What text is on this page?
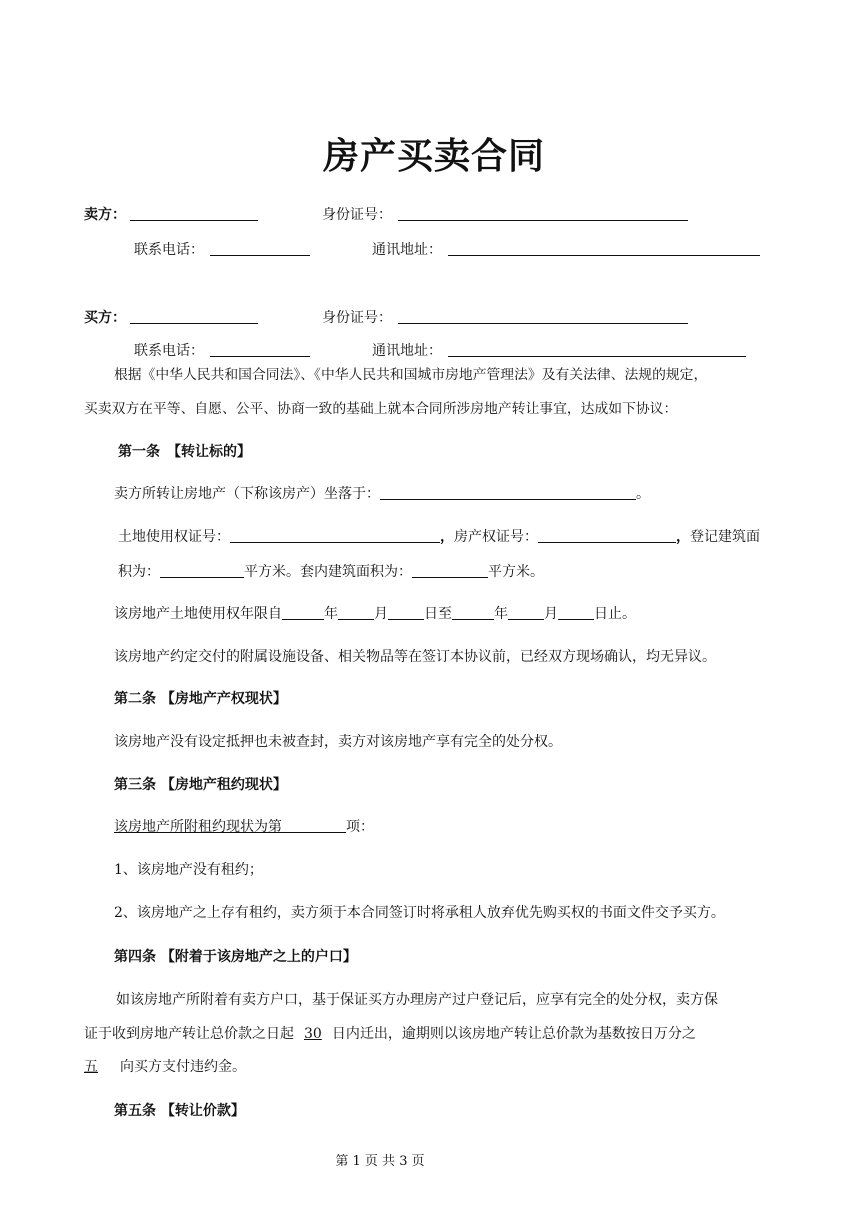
房产买卖合同
卖方：	身份证号：
联系电话：	通讯地址：
买方：	身份证号：
联系电话：	通讯地址：
根据《中华人民共和国合同法》、《中华人民共和国城市房地产管理法》及有关法律、法规的规定，
买卖双方在平等、自愿、公平、协商一致的基础上就本合同所涉房地产转让事宜，达成如下协议：
第一条　【转让标的】
卖方所转让房地产（下称该房产）坐落于：	。
土地使用权证号：	，房产权证号：	，登记建筑面
积为：	平方米。套内建筑面积为：	平方米。
该房地产土地使用权年限自	年	月	日至	年	月	日止。
该房地产约定交付的附属设施设备、相关物品等在签订本协议前，已经双方现场确认，均无异议。
第二条 【房地产产权现状】
该房地产没有设定抵押也未被查封，卖方对该房地产享有完全的处分权。
第三条 【房地产租约现状】
该房地产所附租约现状为第	项：
1、该房地产没有租约；
2、该房地产之上存有租约，卖方须于本合同签订时将承租人放弃优先购买权的书面文件交予买方。
第四条 【附着于该房地产之上的户口】
如该房地产所附着有卖方户口，基于保证买方办理房产过户登记后，应享有完全的处分权，卖方保
证于收到房地产转让总价款之日起 30 日内迁出，逾期则以该房地产转让总价款为基数按日万分之
五 向买方支付违约金。
第五条 【转让价款】
第 1 页 共 3 页
